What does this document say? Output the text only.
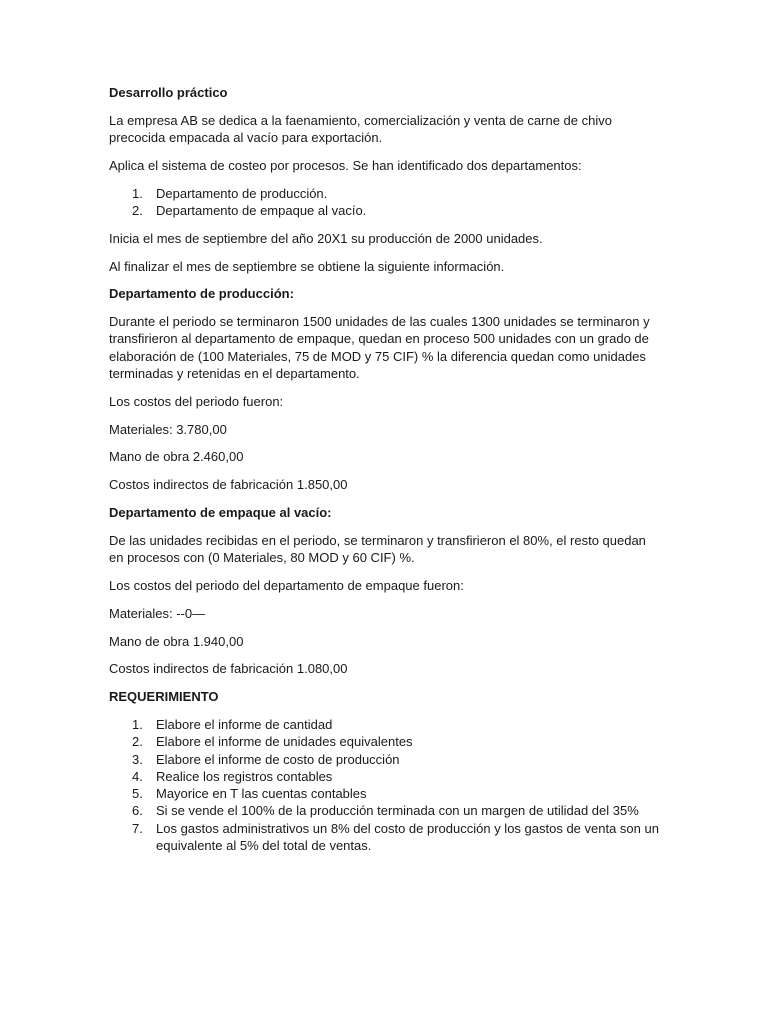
Desarrollo práctico

La empresa AB se dedica a la faenamiento, comercialización y venta de carne de chivo precocida empacada al vacío para exportación.

Aplica el sistema de costeo por procesos. Se han identificado dos departamentos:

1. Departamento de producción.
2. Departamento de empaque al vacío.

Inicia el mes de septiembre del año 20X1 su producción de 2000 unidades.

Al finalizar el mes de septiembre se obtiene la siguiente información.

Departamento de producción:

Durante el periodo se terminaron 1500 unidades de las cuales 1300 unidades se terminaron y transfirieron al departamento de empaque, quedan en proceso 500 unidades con un grado de elaboración de (100 Materiales, 75 de MOD y 75 CIF) % la diferencia quedan como unidades terminadas y retenidas en el departamento.

Los costos del periodo fueron:

Materiales: 3.780,00

Mano de obra 2.460,00

Costos indirectos de fabricación 1.850,00

Departamento de empaque al vacío:

De las unidades recibidas en el periodo, se terminaron y transfirieron el 80%, el resto quedan en procesos con (0 Materiales, 80 MOD y 60 CIF) %.

Los costos del periodo del departamento de empaque fueron:

Materiales: --0—

Mano de obra 1.940,00

Costos indirectos de fabricación 1.080,00

REQUERIMIENTO

1. Elabore el informe de cantidad
2. Elabore el informe de unidades equivalentes
3. Elabore el informe de costo de producción
4. Realice los registros contables
5. Mayorice en T las cuentas contables
6. Si se vende el 100% de la producción terminada con un margen de utilidad del 35%
7. Los gastos administrativos un 8% del costo de producción y los gastos de venta son un equivalente al 5% del total de ventas.
